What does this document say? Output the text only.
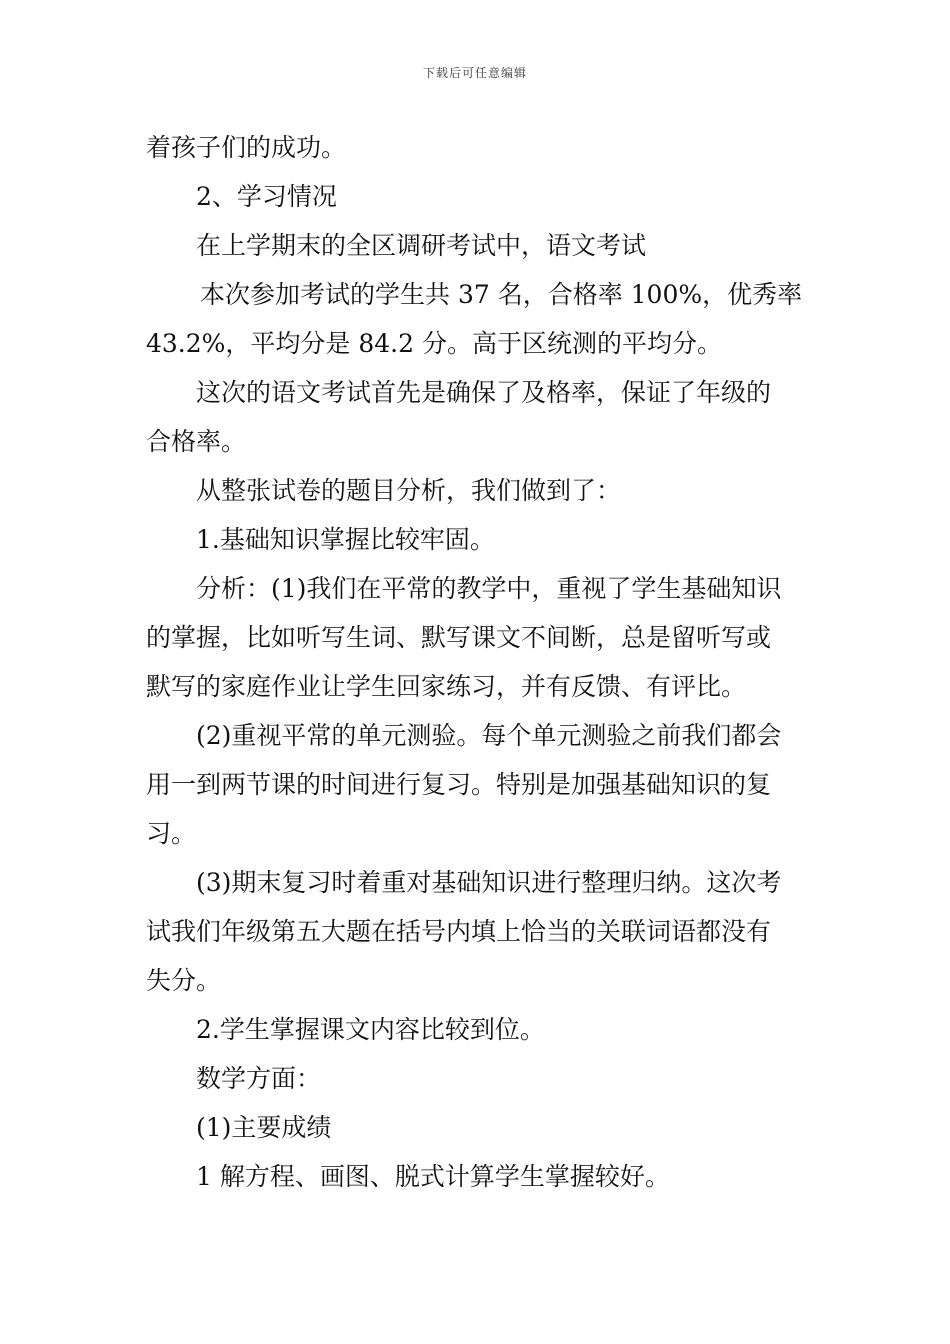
下载后可任意编辑

着孩子们的成功。

2、学习情况

在上学期末的全区调研考试中，语文考试

本次参加考试的学生共 37 名，合格率 100%，优秀率

43.2%，平均分是 84.2 分。高于区统测的平均分。

这次的语文考试首先是确保了及格率，保证了年级的

合格率。

从整张试卷的题目分析，我们做到了：

1.基础知识掌握比较牢固。

分析：(1)我们在平常的教学中，重视了学生基础知识

的掌握，比如听写生词、默写课文不间断，总是留听写或

默写的家庭作业让学生回家练习，并有反馈、有评比。

(2)重视平常的单元测验。每个单元测验之前我们都会

用一到两节课的时间进行复习。特别是加强基础知识的复

习。

(3)期末复习时着重对基础知识进行整理归纳。这次考

试我们年级第五大题在括号内填上恰当的关联词语都没有

失分。

2.学生掌握课文内容比较到位。

数学方面：

(1)主要成绩

1 解方程、画图、脱式计算学生掌握较好。
